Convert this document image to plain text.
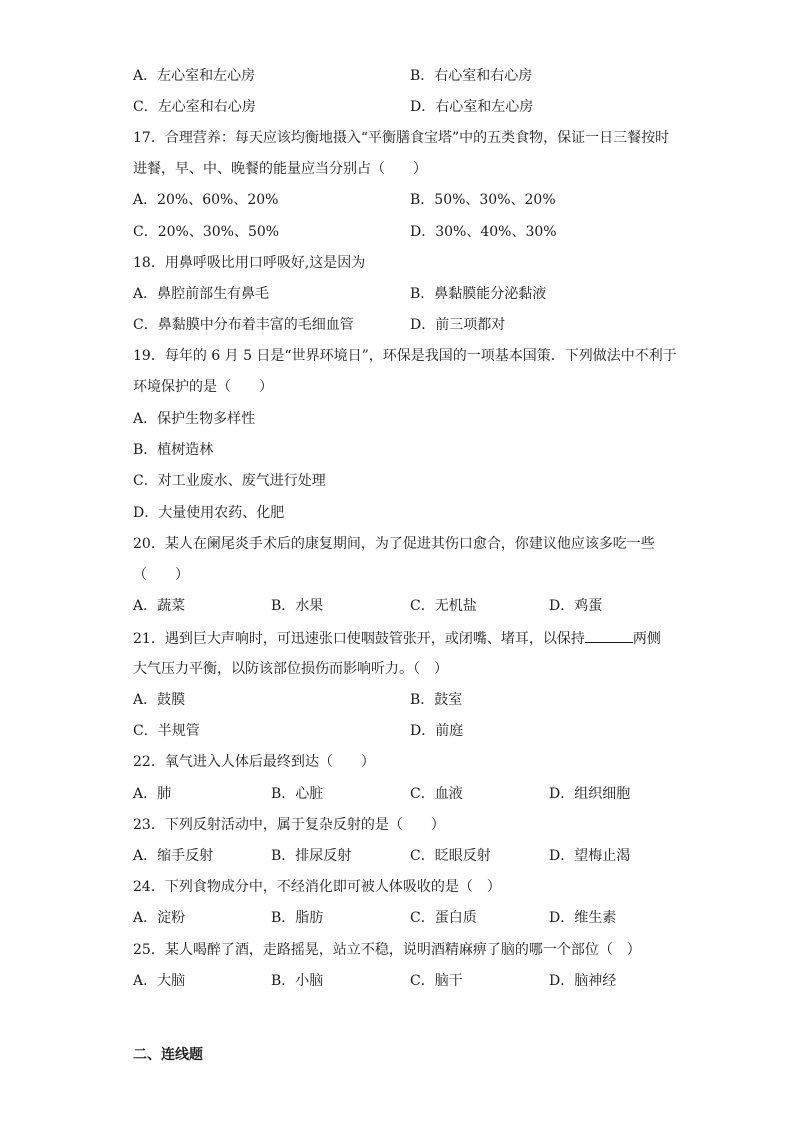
A．左心室和左心房	B．右心室和右心房
C．左心室和右心房	D．右心室和左心房
17．合理营养：每天应该均衡地摄入“平衡膳食宝塔”中的五类食物，保证一日三餐按时
进餐，早、中、晚餐的能量应当分别占（　　）
A．20%、60%、20%	B．50%、30%、20%
C．20%、30%、50%	D．30%、40%、30%
18．用鼻呼吸比用口呼吸好,这是因为
A．鼻腔前部生有鼻毛	B．鼻黏膜能分泌黏液
C．鼻黏膜中分布着丰富的毛细血管	D．前三项都对
19．每年的 6 月 5 日是“世界环境日”，环保是我国的一项基本国策．下列做法中不利于
环境保护的是（　　）
A．保护生物多样性
B．植树造林
C．对工业废水、废气进行处理
D．大量使用农药、化肥
20．某人在阑尾炎手术后的康复期间，为了促进其伤口愈合，你建议他应该多吃一些
（　　）
A．蔬菜	B．水果	C．无机盐	D．鸡蛋
21．遇到巨大声响时，可迅速张口使咽鼓管张开，或闭嘴、堵耳，以保持	两侧
大气压力平衡，以防该部位损伤而影响听力。（　）
A．鼓膜	B．鼓室
C．半规管	D．前庭
22．氧气进入人体后最终到达（　　）
A．肺	B．心脏	C．血液	D．组织细胞
23．下列反射活动中，属于复杂反射的是（　　）
A．缩手反射	B．排尿反射	C．眨眼反射	D．望梅止渴
24．下列食物成分中，不经消化即可被人体吸收的是（　）
A．淀粉	B．脂肪	C．蛋白质	D．维生素
25．某人喝醉了酒，走路摇晃，站立不稳，说明酒精麻痹了脑的哪一个部位（　）
A．大脑	B．小脑	C．脑干	D．脑神经
二、连线题
